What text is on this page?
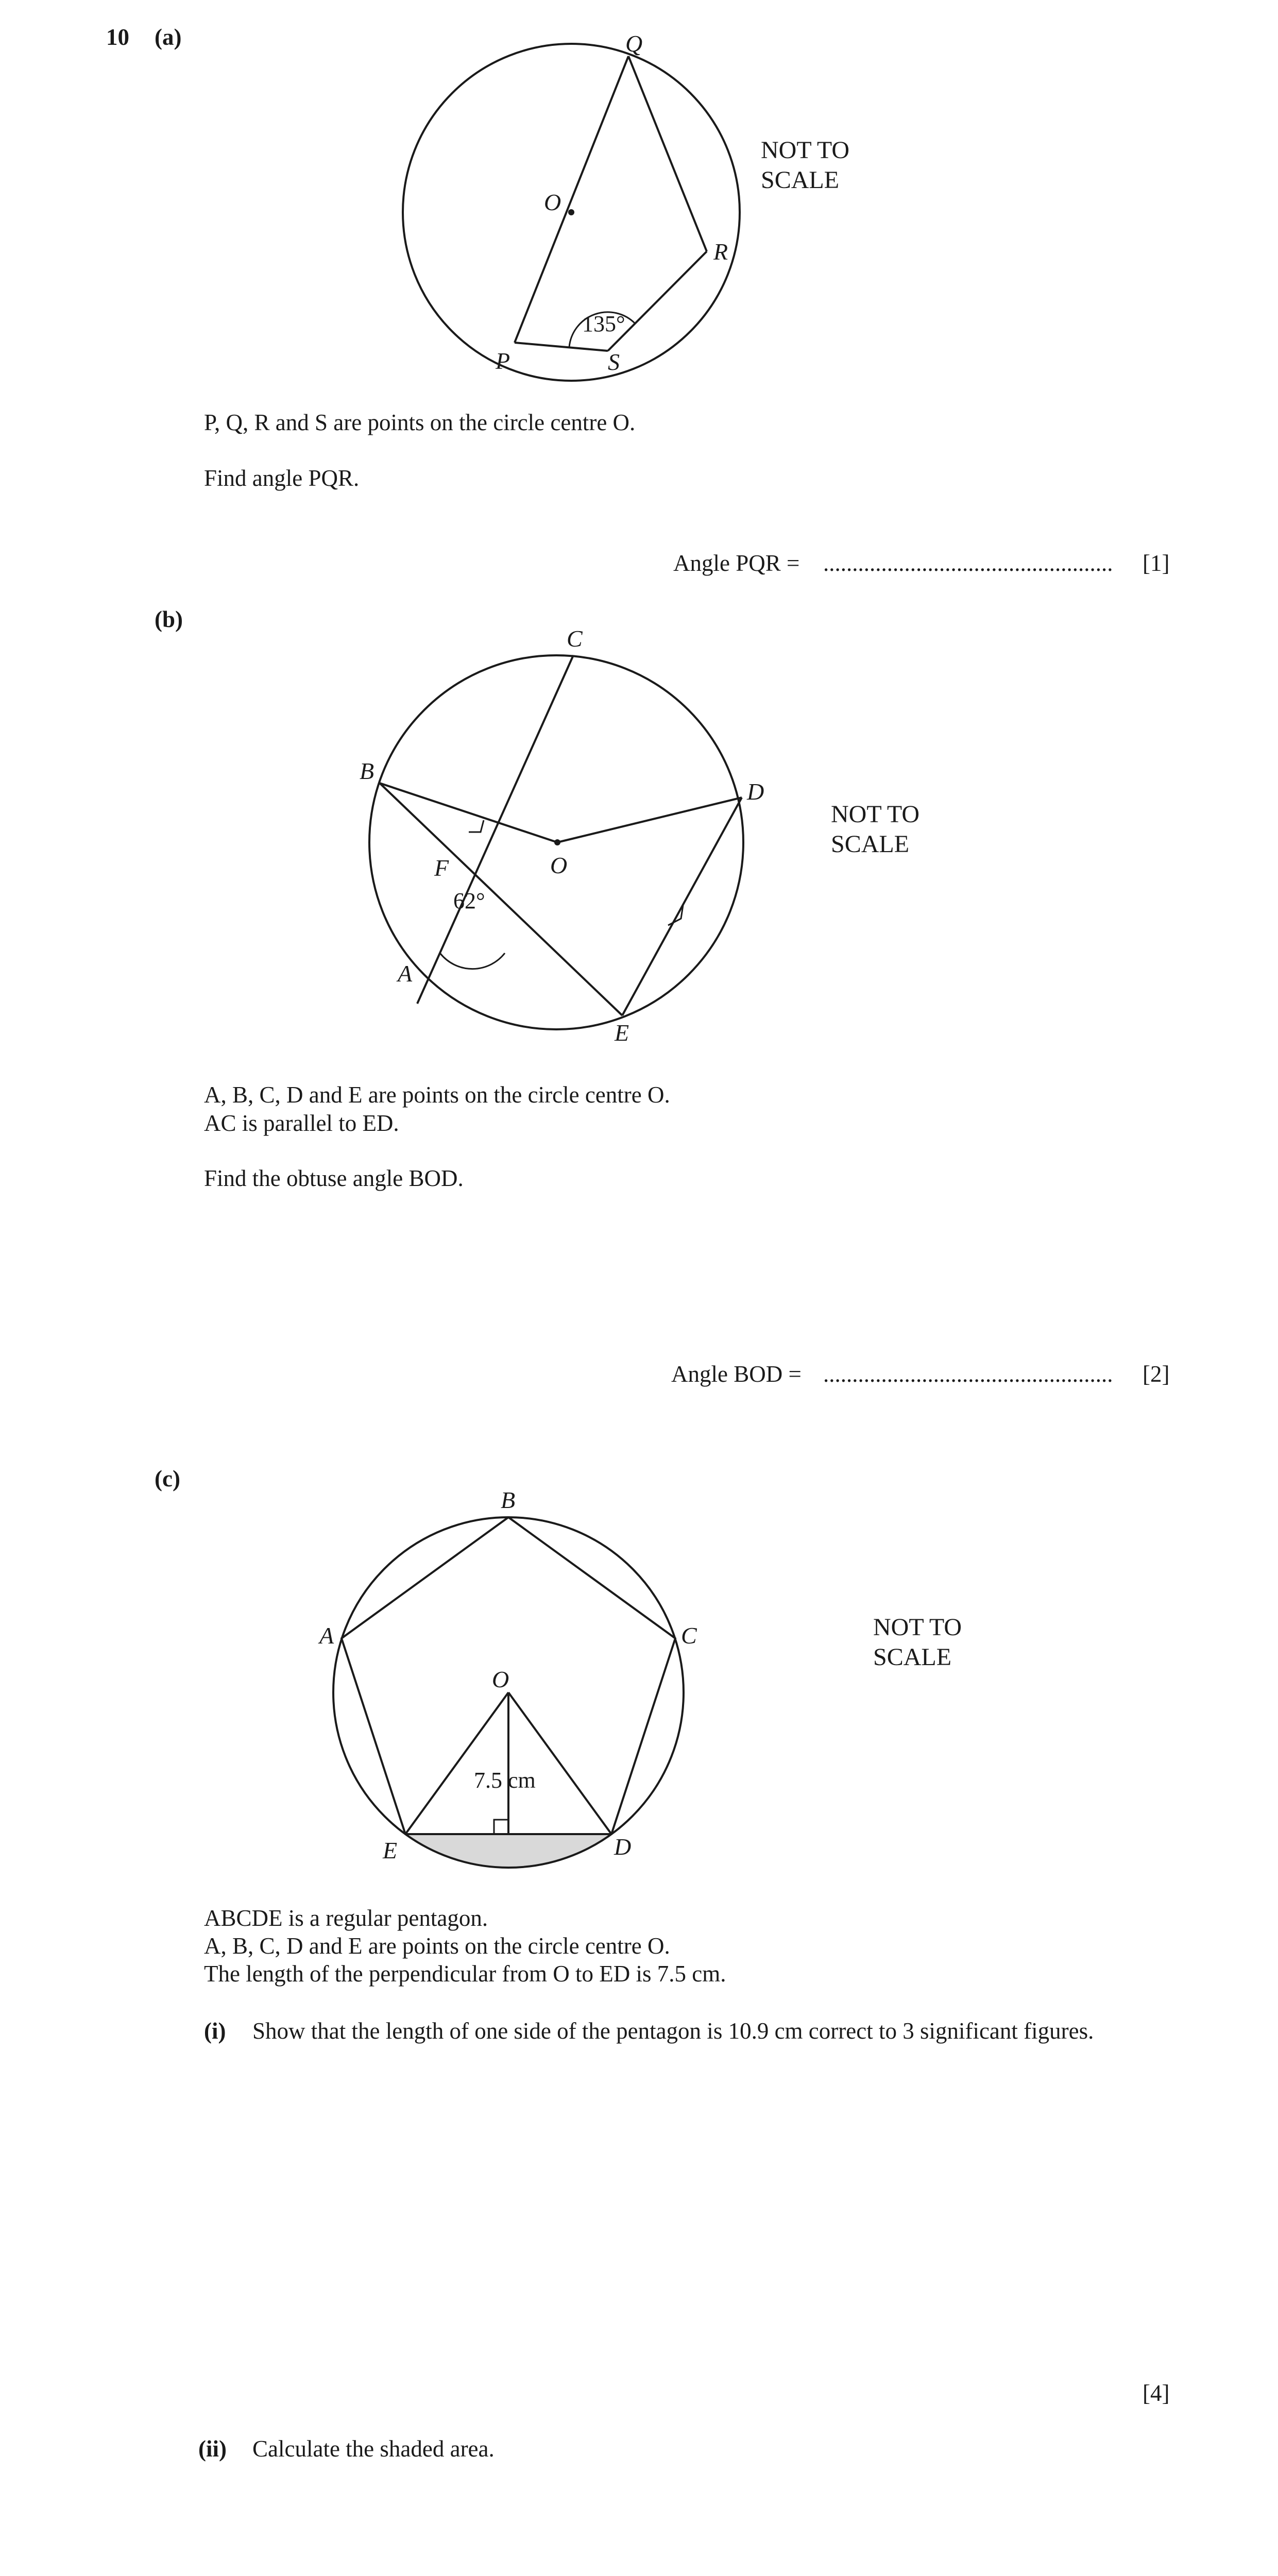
10 (a)	Q
O
R
P	S
135°
NOT TO SCALE
P, Q, R and S are points on the circle centre O.
Find angle PQR.
Angle PQR = .................................................. [1]
(b)
C
B
D
O
F
A
E
62°
NOT TO SCALE
A, B, C, D and E are points on the circle centre O.
AC is parallel to ED.
Find the obtuse angle BOD.
Angle BOD = .................................................. [2]
(c)
B
A	C
O
E	D
7.5 cm
NOT TO SCALE
ABCDE is a regular pentagon.
A, B, C, D and E are points on the circle centre O.
The length of the perpendicular from O to ED is 7.5 cm.
(i) Show that the length of one side of the pentagon is 10.9 cm correct to 3 significant figures.
[4]
(ii) Calculate the shaded area.
